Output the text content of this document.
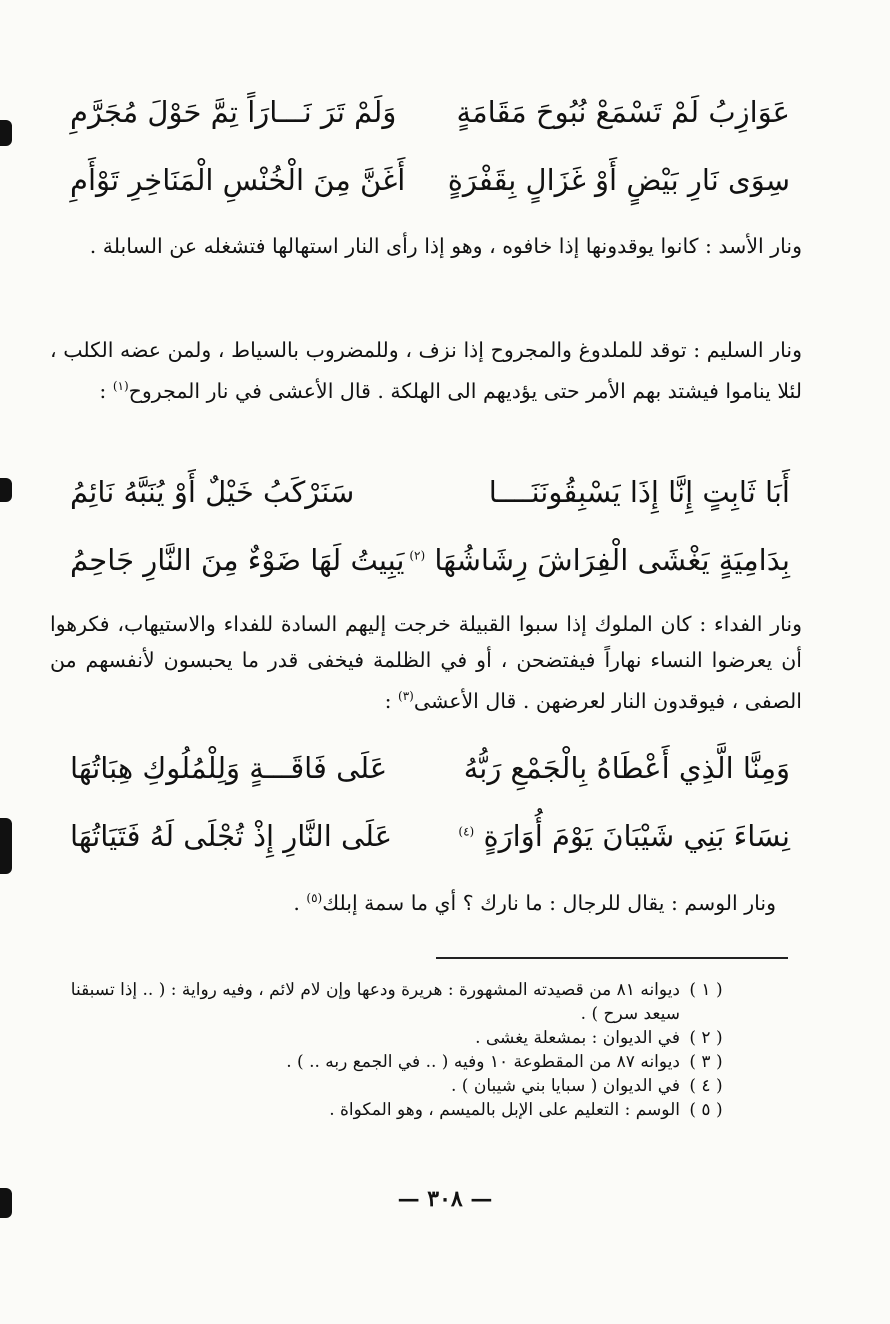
عَوَازِبُ لَمْ تَسْمَعْ نُبُوحَ مَقَامَةٍ
وَلَمْ تَرَ نَـــارَاً تِمَّ حَوْلَ مُجَرَّمِ
سِوَى نَارِ بَيْضٍ أَوْ غَزَالٍ بِقَفْرَةٍ
أَغَنَّ مِنَ الْخُنْسِ الْمَنَاخِرِ تَوْأَمِ

ونار الأسد : كانوا يوقدونها إذا خافوه ، وهو إذا رأى النار استهالها فتشغله عن السابلة .

ونار السليم : توقد للملدوغ والمجروح إذا نزف ، وللمضروب بالسياط ، ولمن عضه الكلب ، لئلا يناموا فيشتد بهم الأمر حتى يؤديهم الى الهلكة . قال الأعشى في نار المجروح$^{(١)}$ :

أَبَا ثَابِتٍ إِنَّا إِذَا يَسْبِقُونَنَــــا
سَنَرْكَبُ خَيْلٌ أَوْ يُنَبَّهُ نَائِمُ
بِدَامِيَةٍ يَغْشَى الْفِرَاشَ رِشَاشُهَا $^{(٢)}$
يَبِيتُ لَهَا ضَوْءٌ مِنَ النَّارِ جَاحِمُ

ونار الفداء : كان الملوك إذا سبوا القبيلة خرجت إليهم السادة للفداء والاستيهاب، فكرهوا أن يعرضوا النساء نهاراً فيفتضحن ، أو في الظلمة فيخفى قدر ما يحبسون لأنفسهم من الصفى ، فيوقدون النار لعرضهن . قال الأعشى$^{(٣)}$ :

وَمِنَّا الَّذِي أَعْطَاهُ بِالْجَمْعِ رَبُّهُ
عَلَى فَاقَـــةٍ وَلِلْمُلُوكِ هِبَاتُهَا
نِسَاءَ بَنِي شَيْبَانَ يَوْمَ أُوَارَةٍ $^{(٤)}$
عَلَى النَّارِ إِذْ تُجْلَى لَهُ فَتَيَاتُهَا

ونار الوسم : يقال للرجال : ما نارك ؟ أي ما سمة إبلك$^{(٥)}$ .

( ١ )
ديوانه ٨١ من قصيدته المشهورة : هريرة ودعها وإن لام لائم ، وفيه رواية : ( .. إذا تسبقنا سيعد سرح ) .
( ٢ )
في الديوان : بمشعلة يغشى .
( ٣ )
ديوانه ٨٧ من المقطوعة ١٠ وفيه ( .. في الجمع ربه .. ) .
( ٤ )
في الديوان ( سبايا بني شيبان ) .
( ٥ )
الوسم : التعليم على الإبل بالميسم ، وهو المكواة .
— ٣٠٨ —
